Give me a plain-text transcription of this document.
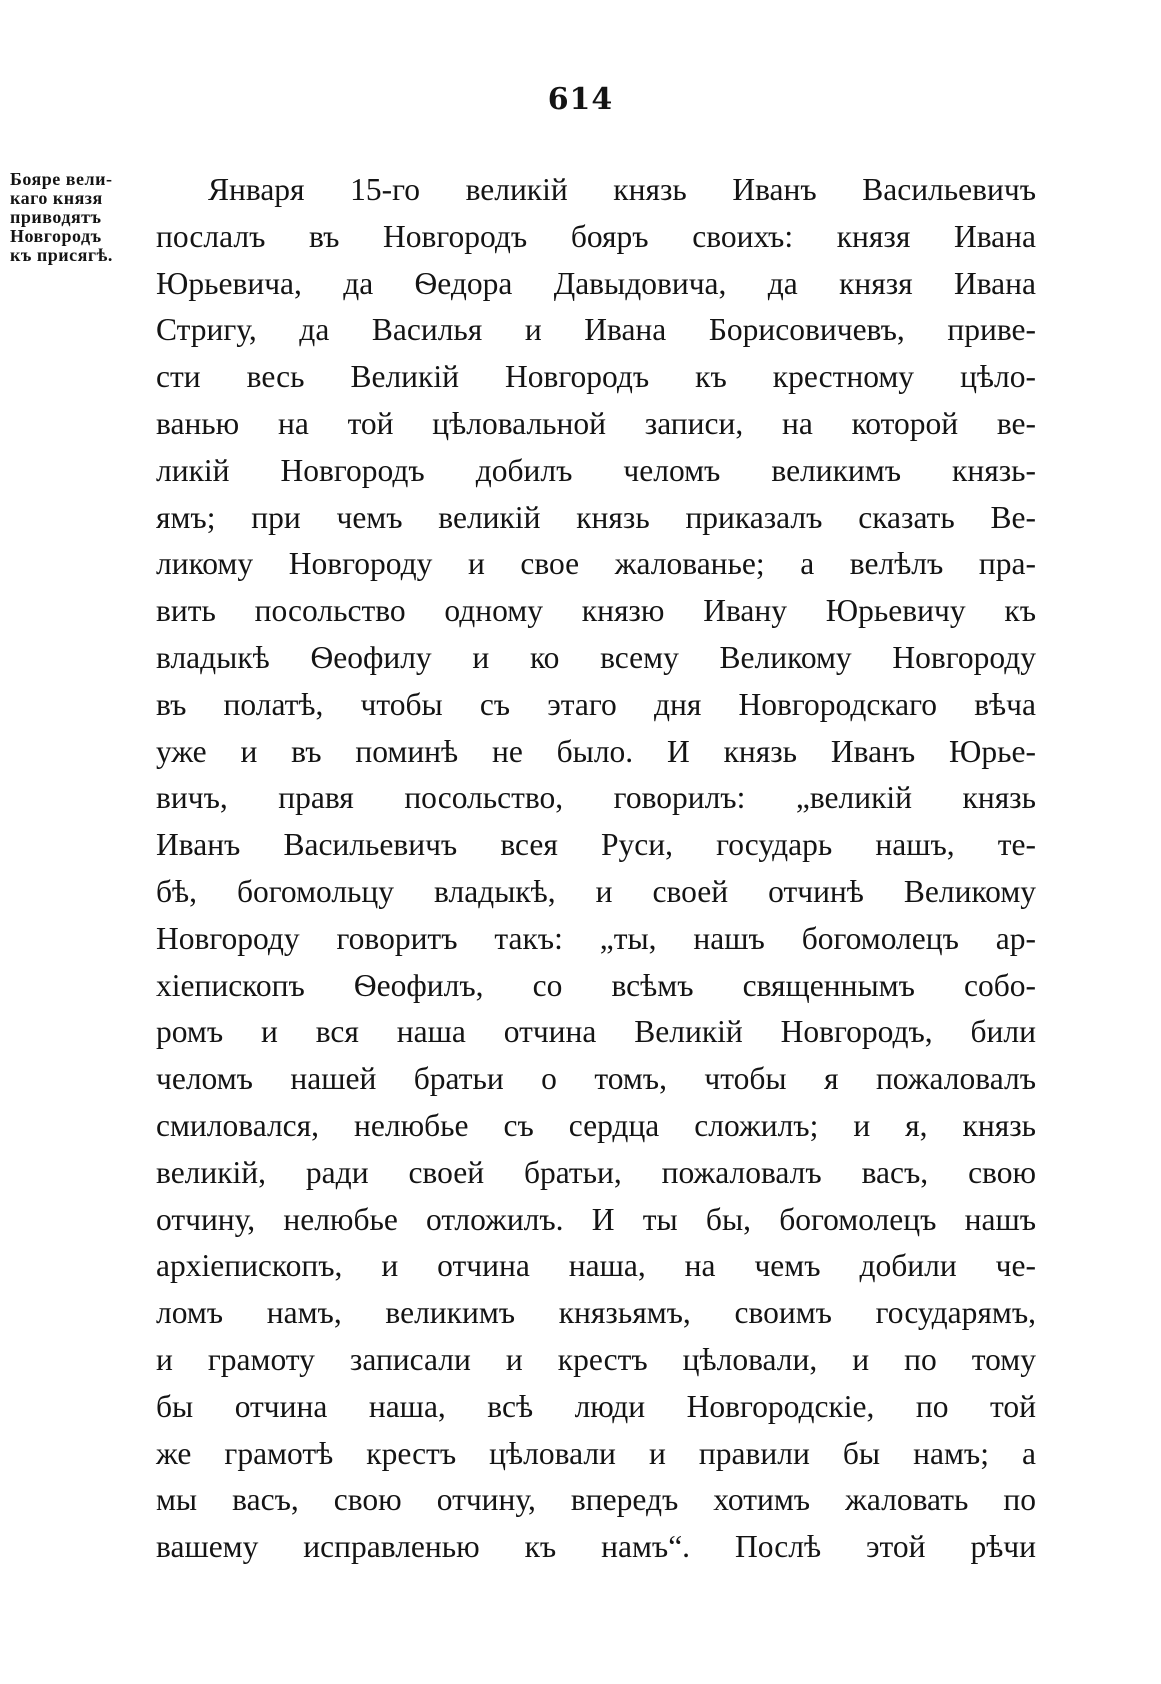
614
Бояре вели-
каго князя
приводятъ
Новгородъ
къ присягѣ.
Января 15-го великій князь Иванъ Васильевичъ
послалъ въ Новгородъ бояръ своихъ: князя Ивана
Юрьевича, да Ѳедора Давыдовича, да князя Ивана
Стригу, да Василья и Ивана Борисовичевъ, приве-
сти весь Великій Новгородъ къ крестному цѣло-
ванью на той цѣловальной записи, на которой ве-
ликій Новгородъ добилъ челомъ великимъ князь-
ямъ; при чемъ великій князь приказалъ сказать Ве-
ликому Новгороду и свое жалованье; а велѣлъ пра-
вить посольство одному князю Ивану Юрьевичу къ
владыкѣ Ѳеофилу и ко всему Великому Новгороду
въ полатѣ, чтобы съ этаго дня Новгородскаго вѣча
уже и въ поминѣ не было. И князь Иванъ Юрье-
вичъ, правя посольство, говорилъ: „великій князь
Иванъ Васильевичъ всея Руси, государь нашъ, те-
бѣ, богомольцу владыкѣ, и своей отчинѣ Великому
Новгороду говоритъ такъ: „ты, нашъ богомолецъ ар-
хіепископъ Ѳеофилъ, со всѣмъ священнымъ собо-
ромъ и вся наша отчина Великій Новгородъ, били
челомъ нашей братьи о томъ, чтобы я пожаловалъ
смиловался, нелюбье съ сердца сложилъ; и я, князь
великій, ради своей братьи, пожаловалъ васъ, свою
отчину, нелюбье отложилъ. И ты бы, богомолецъ нашъ
архіепископъ, и отчина наша, на чемъ добили че-
ломъ намъ, великимъ князьямъ, своимъ государямъ,
и грамоту записали и крестъ цѣловали, и по тому
бы отчина наша, всѣ люди Новгородскіе, по той
же грамотѣ крестъ цѣловали и правили бы намъ; а
мы васъ, свою отчину, впередъ хотимъ жаловать по
вашему исправленью къ намъ“. Послѣ этой рѣчи
